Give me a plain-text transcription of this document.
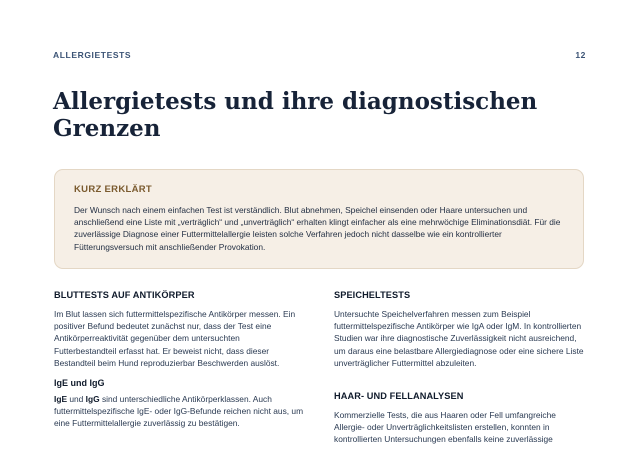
ALLERGIETESTS	12
Allergietests und ihre diagnostischen Grenzen
KURZ ERKLÄRT

Der Wunsch nach einem einfachen Test ist verständlich. Blut abnehmen, Speichel einsenden oder Haare untersuchen und anschließend eine Liste mit „verträglich“ und „unverträglich“ erhalten klingt einfacher als eine mehrwöchige Eliminationsdiät. Für die zuverlässige Diagnose einer Futtermittelallergie leisten solche Verfahren jedoch nicht dasselbe wie ein kontrollierter Fütterungsversuch mit anschließender Provokation.

BLUTTESTS AUF ANTIKÖRPER

Im Blut lassen sich futtermittelspezifische Antikörper messen. Ein positiver Befund bedeutet zunächst nur, dass der Test eine Antikörperreaktivität gegenüber dem untersuchten Futterbestandteil erfasst hat. Er beweist nicht, dass dieser Bestandteil beim Hund reproduzierbar Beschwerden auslöst.

IgE und IgG

IgE und IgG sind unterschiedliche Antikörperklassen. Auch futtermittelspezifische IgE- oder IgG-Befunde reichen nicht aus, um eine Futtermittelallergie zuverlässig zu bestätigen.

SPEICHELTESTS

Untersuchte Speichelverfahren messen zum Beispiel futtermittelspezifische Antikörper wie IgA oder IgM. In kontrollierten Studien war ihre diagnostische Zuverlässigkeit nicht ausreichend, um daraus eine belastbare Allergiediagnose oder eine sichere Liste unverträglicher Futtermittel abzuleiten.

HAAR- UND FELLANALYSEN

Kommerzielle Tests, die aus Haaren oder Fell umfangreiche Allergie- oder Unverträglichkeitslisten erstellen, konnten in kontrollierten Untersuchungen ebenfalls keine zuverlässige
